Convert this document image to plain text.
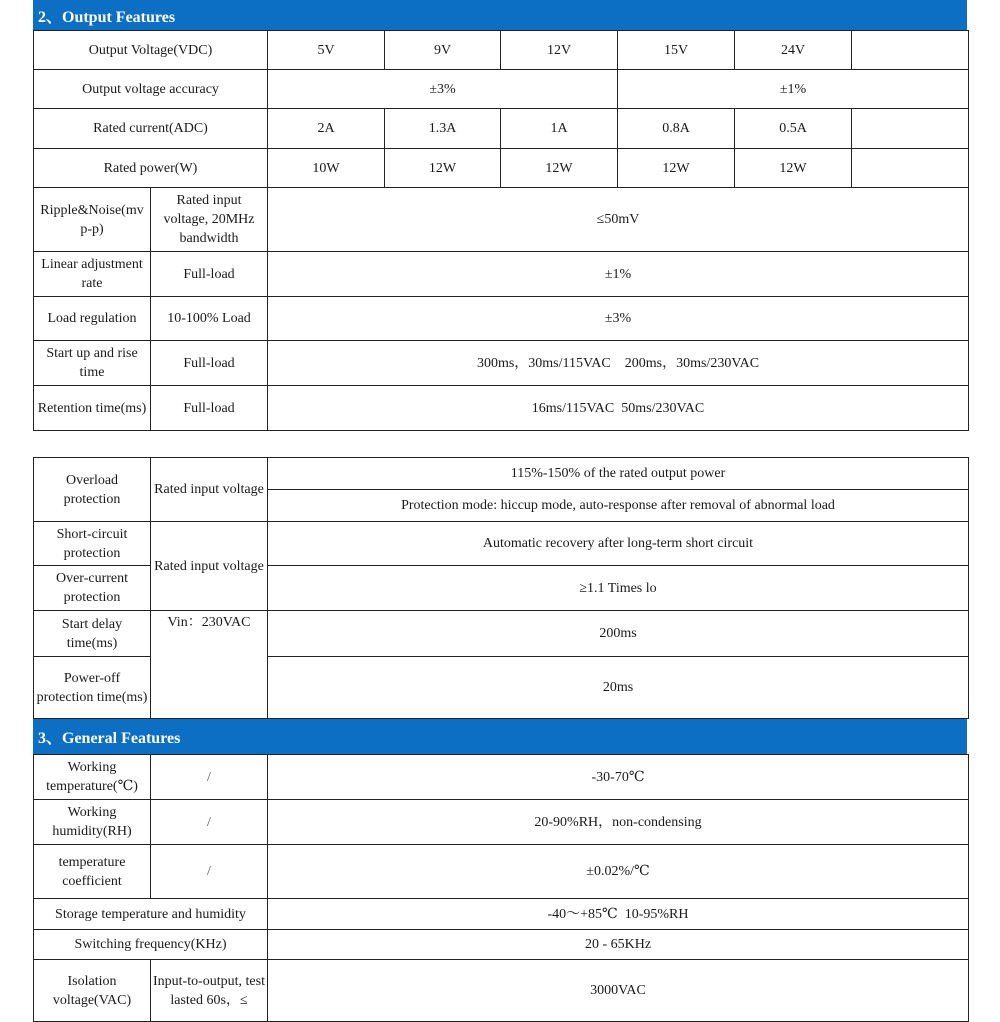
2、Output Features
Output Voltage(VDC)		5V	9V	12V	15V	24V	
Output voltage accuracy		±3%			±1%		
Rated current(ADC)		2A	1.3A	1A	0.8A	0.5A	
Rated power(W)		10W	12W	12W	12W	12W	
Ripple&Noise(mv p-p)	Rated input voltage, 20MHz bandwidth	≤50mV					
Linear adjustment rate	Full-load	±1%					
Load regulation	10-100% Load	±3%					
Start up and rise time	Full-load	300ms，30ms/115VAC    200ms，30ms/230VAC					
Retention time(ms)	Full-load	16ms/115VAC  50ms/230VAC					
Overload protection	Rated input voltage	115%-150% of the rated output power
		Protection mode: hiccup mode, auto-response after removal of abnormal load
Short-circuit protection	Rated input voltage	Automatic recovery after long-term short circuit
Over-current protection		≥1.1 Times lo
Start delay time(ms)	Vin：230VAC	200ms
Power-off protection time(ms)		20ms
3、General Features
Working temperature(℃)	/	-30-70℃
Working humidity(RH)	/	20-90%RH，non-condensing
temperature coefficient	/	±0.02%/℃
Storage temperature and humidity		-40～+85℃  10-95%RH
Switching frequency(KHz)		20 - 65KHz
Isolation voltage(VAC)	Input-to-output, test lasted 60s，≤	3000VAC
